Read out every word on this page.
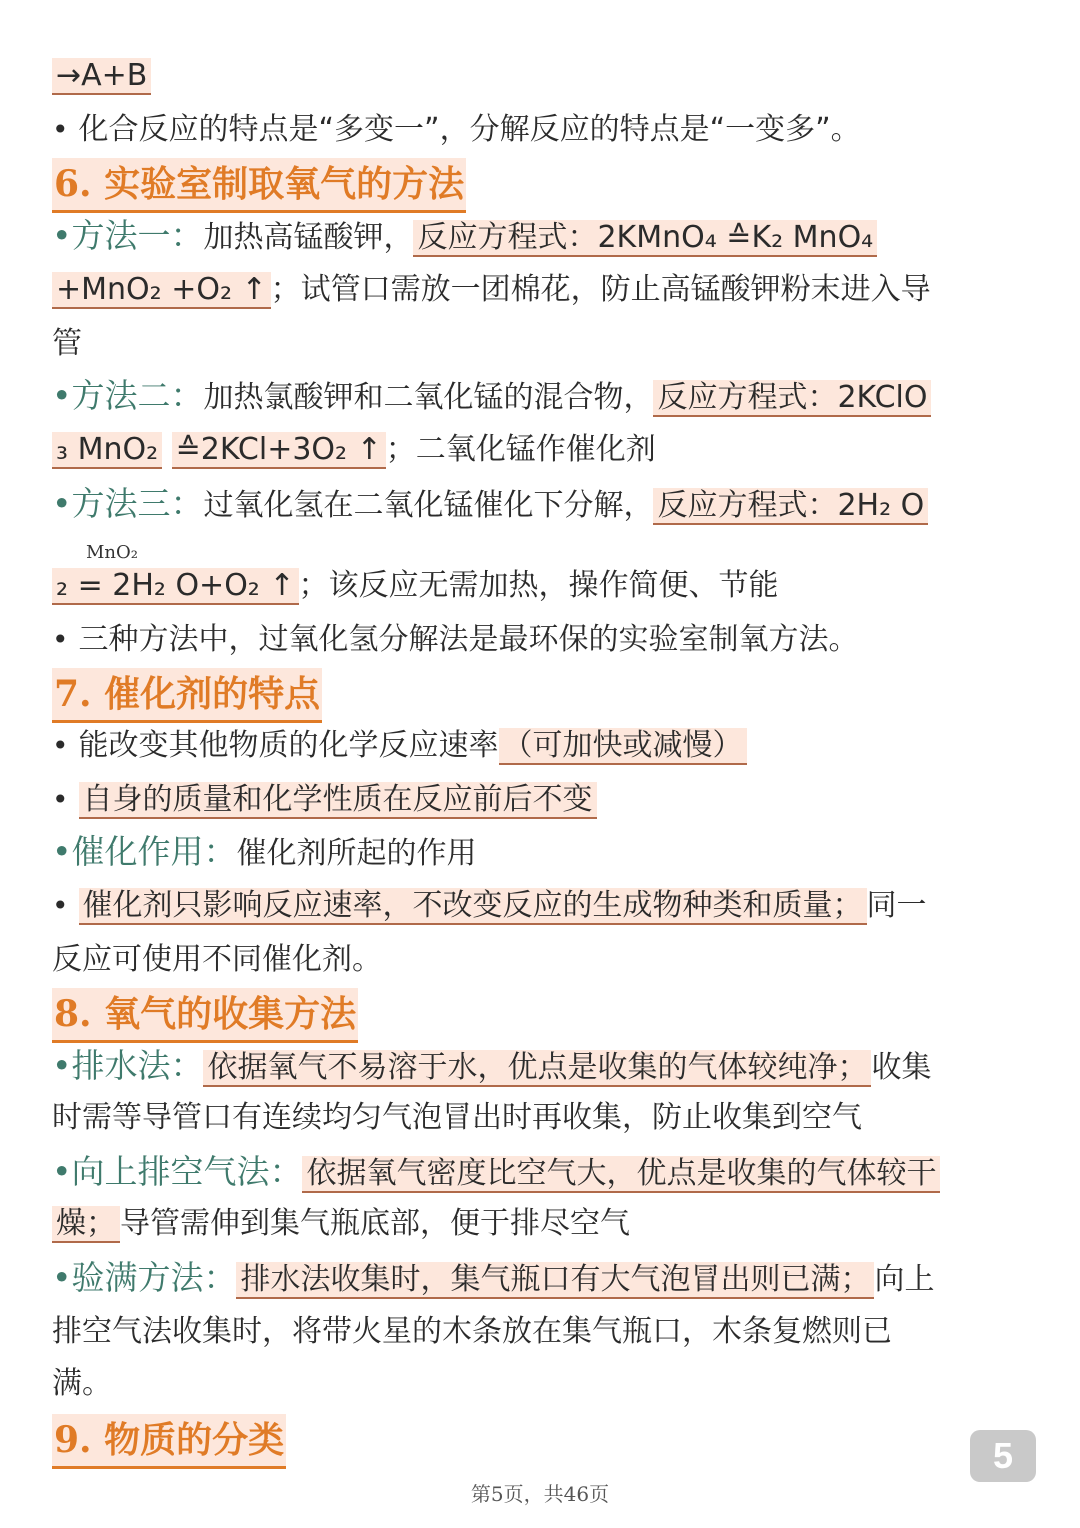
→A+B
• 化合反应的特点是“多变一”，分解反应的特点是“一变多”。
6. 实验室制取氧气的方法
•方法一：加热高锰酸钾， 反应方程式：2KMnO₄ ≙K₂ MnO₄
+MnO₂ +O₂ ↑ ；试管口需放一团棉花，防止高锰酸钾粉末进入导
管
•方法二：加热氯酸钾和二氧化锰的混合物， 反应方程式：2KClO
₃ MnO₂ ≙2KCl+3O₂ ↑ ；二氧化锰作催化剂
•方法三：过氧化氢在二氧化锰催化下分解， 反应方程式：2H₂ O
MnO₂
₂ = 2H₂ O+O₂ ↑ ；该反应无需加热，操作简便、节能
• 三种方法中，过氧化氢分解法是最环保的实验室制氧方法。
7. 催化剂的特点
• 能改变其他物质的化学反应速率 （可加快或减慢）
• 自身的质量和化学性质在反应前后不变
•催化作用：催化剂所起的作用
• 催化剂只影响反应速率，不改变反应的生成物种类和质量； 同一
反应可使用不同催化剂。
8. 氧气的收集方法
•排水法： 依据氧气不易溶于水，优点是收集的气体较纯净； 收集
时需等导管口有连续均匀气泡冒出时再收集，防止收集到空气
•向上排空气法： 依据氧气密度比空气大，优点是收集的气体较干
燥； 导管需伸到集气瓶底部，便于排尽空气
•验满方法： 排水法收集时，集气瓶口有大气泡冒出则已满； 向上
排空气法收集时，将带火星的木条放在集气瓶口，木条复燃则已
满。
9. 物质的分类	5
第5页，共46页
